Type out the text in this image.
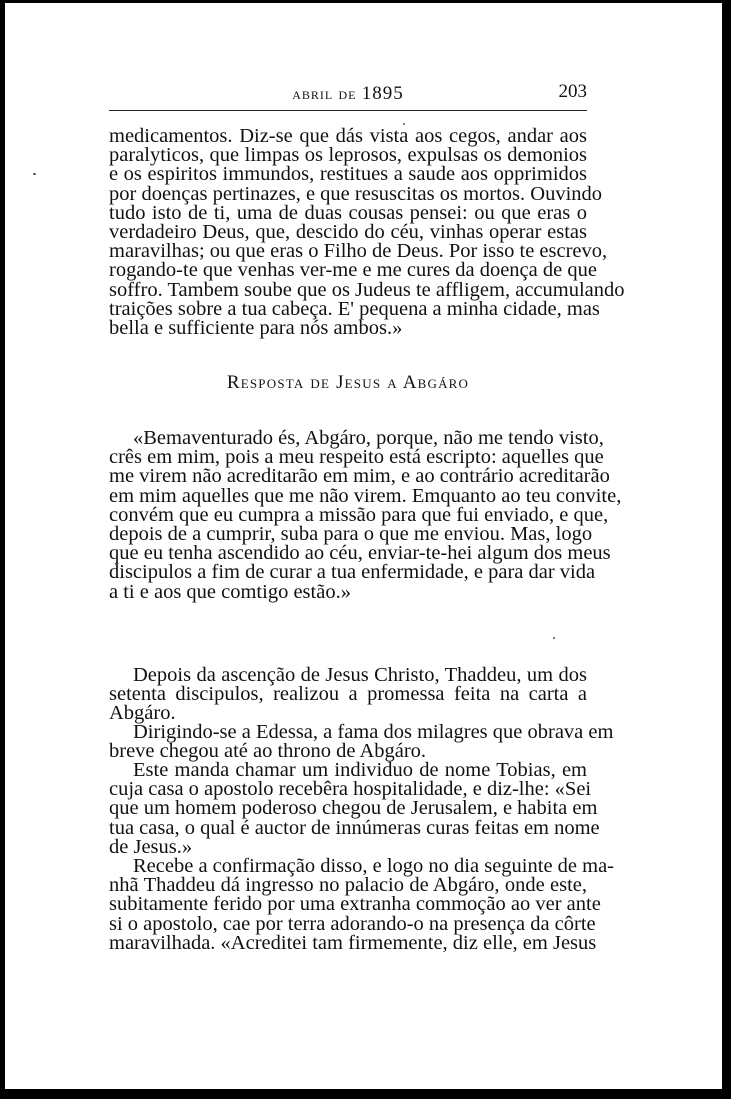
abril de 1895	203
medicamentos. Diz-se que dás vista aos cegos, andar aos
paralyticos, que limpas os leprosos, expulsas os demonios
e os espiritos immundos, restitues a saude aos opprimidos
por doenças pertinazes, e que resuscitas os mortos. Ouvindo
tudo isto de ti, uma de duas cousas pensei: ou que eras o
verdadeiro Deus, que, descido do céu, vinhas operar estas
maravilhas; ou que eras o Filho de Deus. Por isso te escrevo,
rogando-te que venhas ver-me e me cures da doença de que
soffro. Tambem soube que os Judeus te affligem, accumulando
traições sobre a tua cabeça. E' pequena a minha cidade, mas
bella e sufficiente para nós ambos.»
Resposta de Jesus a Abgáro
«Bemaventurado és, Abgáro, porque, não me tendo visto,
crês em mim, pois a meu respeito está escripto: aquelles que
me virem não acreditarão em mim, e ao contrário acreditarão
em mim aquelles que me não virem. Emquanto ao teu convite,
convém que eu cumpra a missão para que fui enviado, e que,
depois de a cumprir, suba para o que me enviou. Mas, logo
que eu tenha ascendido ao céu, enviar-te-hei algum dos meus
discipulos a fim de curar a tua enfermidade, e para dar vida
a ti e aos que comtigo estão.»
Depois da ascenção de Jesus Christo, Thaddeu, um dos
setenta discipulos, realizou a promessa feita na carta a
Abgáro.
Dirigindo-se a Edessa, a fama dos milagres que obrava em
breve chegou até ao throno de Abgáro.
Este manda chamar um individuo de nome Tobias, em
cuja casa o apostolo recebêra hospitalidade, e diz-lhe: «Sei
que um homem poderoso chegou de Jerusalem, e habita em
tua casa, o qual é auctor de innúmeras curas feitas em nome
de Jesus.»
Recebe a confirmação disso, e logo no dia seguinte de ma-
nhã Thaddeu dá ingresso no palacio de Abgáro, onde este,
subitamente ferido por uma extranha commoção ao ver ante
si o apostolo, cae por terra adorando-o na presença da côrte
maravilhada. «Acreditei tam firmemente, diz elle, em Jesus
